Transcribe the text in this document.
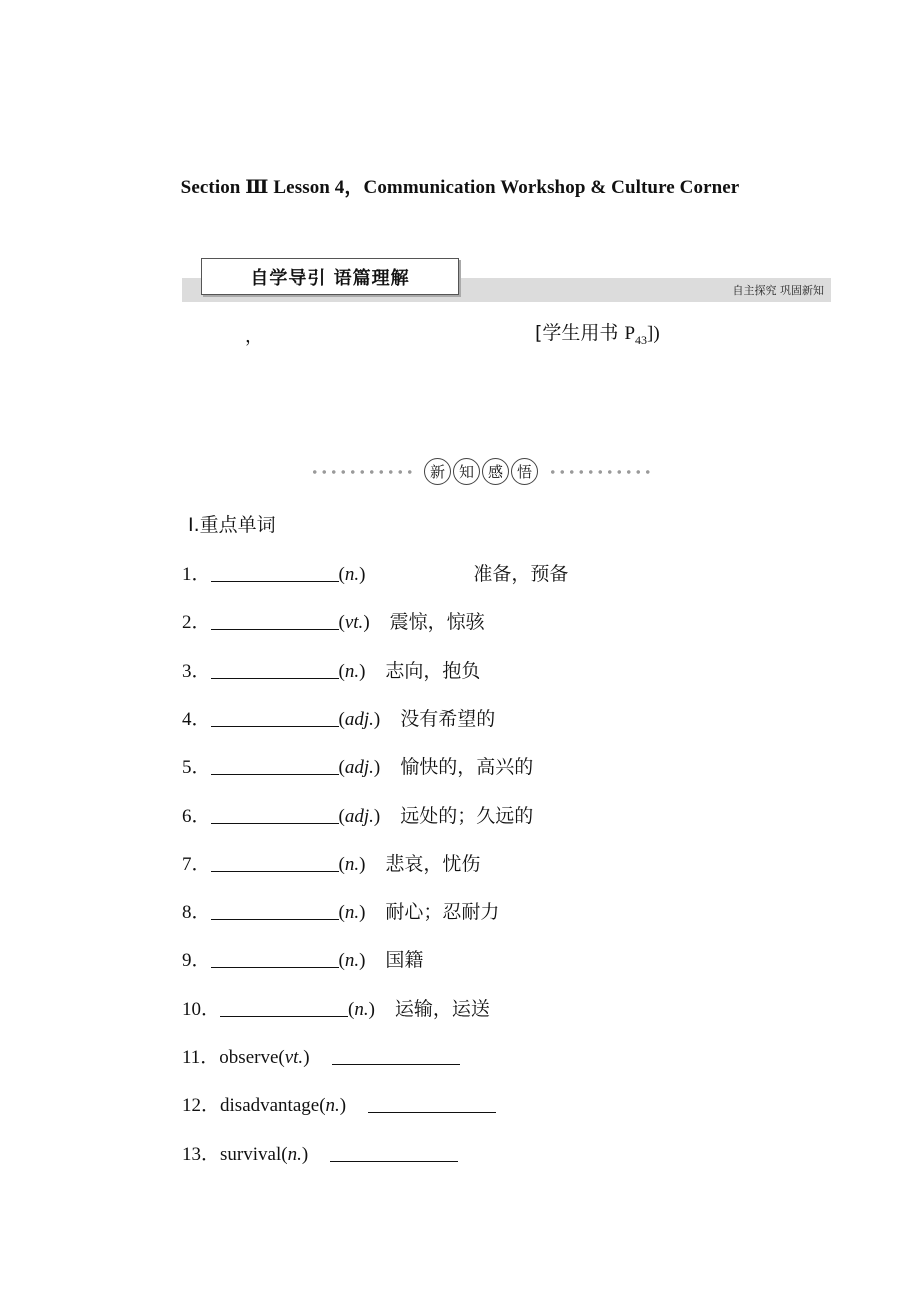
Section Ⅲ Lesson 4，Communication Workshop & Culture Corner
自学导引 语篇理解
自主探究 巩固新知
，	[学生用书 $P_{43}$])
新 知 感 悟
Ⅰ.重点单词
1．	(n.)	准备，预备
2．	(vt.) 震惊，惊骇
3．	(n.) 志向，抱负
4．	(adj.) 没有希望的
5．	(adj.) 愉快的，高兴的
6．	(adj.) 远处的；久远的
7．	(n.) 悲哀，忧伤
8．	(n.) 耐心；忍耐力
9．	(n.) 国籍
10．	(n.) 运输，运送
11．observe(vt.)
12．disadvantage(n.)
13．survival(n.)
